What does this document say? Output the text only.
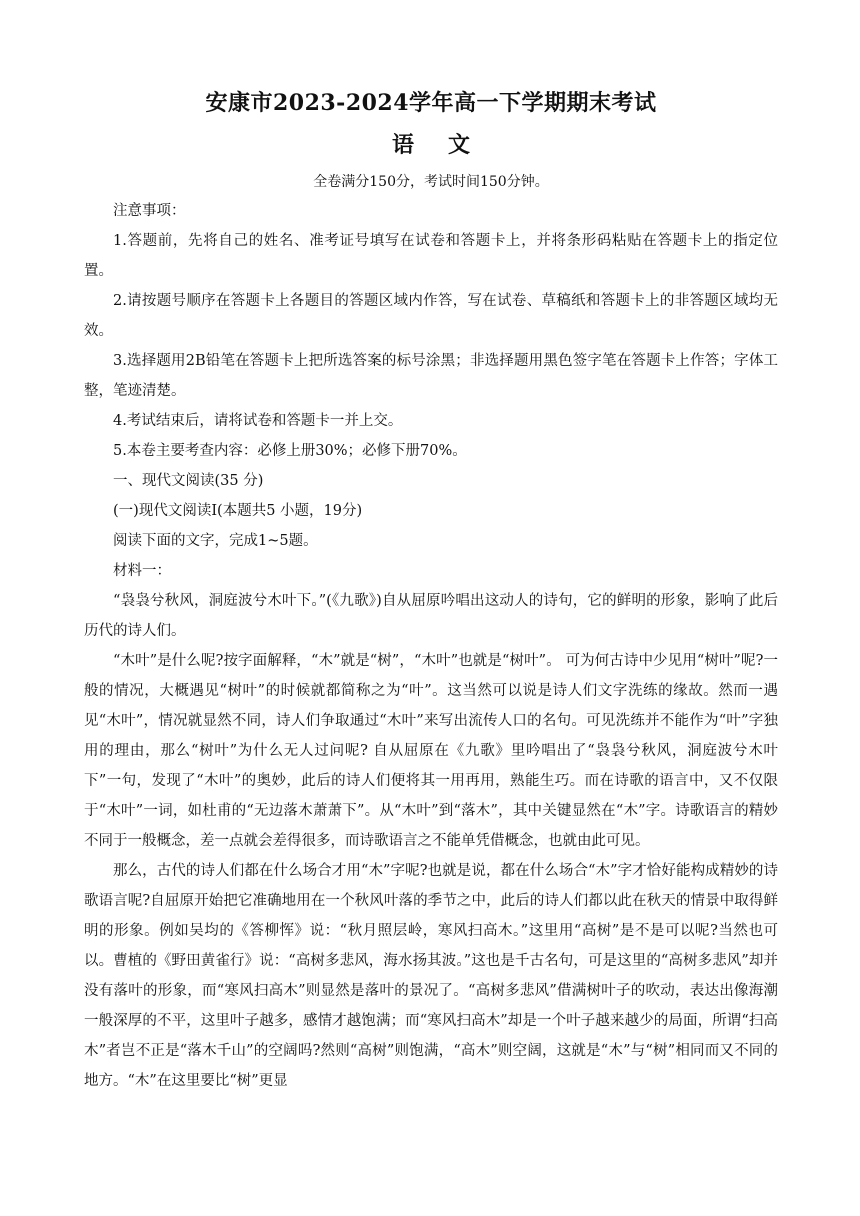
安康市2023-2024学年高一下学期期末考试
语文
全卷满分150分，考试时间150分钟。

注意事项：

1.答题前，先将自己的姓名、准考证号填写在试卷和答题卡上，并将条形码粘贴在答题卡上的指定位置。

2.请按题号顺序在答题卡上各题目的答题区域内作答，写在试卷、草稿纸和答题卡上的非答题区域均无效。

3.选择题用2B铅笔在答题卡上把所选答案的标号涂黑；非选择题用黑色签字笔在答题卡上作答；字体工整，笔迹清楚。

4.考试结束后，请将试卷和答题卡一并上交。

5.本卷主要考查内容：必修上册30%；必修下册70%。

一、现代文阅读(35 分)

(一)现代文阅读Ⅰ(本题共5 小题，19分)

阅读下面的文字，完成1~5题。

材料一：

“袅袅兮秋风，洞庭波兮木叶下。”(《九歌》)自从屈原吟唱出这动人的诗句，它的鲜明的形象，影响了此后历代的诗人们。

“木叶”是什么呢?按字面解释，“木”就是“树”，“木叶”也就是“树叶”。 可为何古诗中少见用“树叶”呢?一般的情况，大概遇见“树叶”的时候就都简称之为“叶”。这当然可以说是诗人们文字洗练的缘故。然而一遇见“木叶”，情况就显然不同，诗人们争取通过“木叶”来写出流传人口的名句。可见洗练并不能作为“叶”字独用的理由，那么“树叶”为什么无人过问呢? 自从屈原在《九歌》里吟唱出了“袅袅兮秋风，洞庭波兮木叶下”一句，发现了“木叶”的奥妙，此后的诗人们便将其一用再用，熟能生巧。而在诗歌的语言中，又不仅限于“木叶”一词，如杜甫的“无边落木萧萧下”。从“木叶”到“落木”，其中关键显然在“木”字。诗歌语言的精妙不同于一般概念，差一点就会差得很多，而诗歌语言之不能单凭借概念，也就由此可见。

那么，古代的诗人们都在什么场合才用“木”字呢?也就是说，都在什么场合“木”字才恰好能构成精妙的诗歌语言呢?自屈原开始把它准确地用在一个秋风叶落的季节之中，此后的诗人们都以此在秋天的情景中取得鲜明的形象。例如吴均的《答柳恽》说：“秋月照层岭，寒风扫高木。”这里用“高树”是不是可以呢?当然也可以。曹植的《野田黄雀行》说：“高树多悲风，海水扬其波。”这也是千古名句，可是这里的“高树多悲风”却并没有落叶的形象，而“寒风扫高木”则显然是落叶的景况了。“高树多悲风”借满树叶子的吹动，表达出像海潮一般深厚的不平，这里叶子越多，感情才越饱满；而“寒风扫高木”却是一个叶子越来越少的局面，所谓“扫高木”者岂不正是“落木千山”的空阔吗?然则“高树”则饱满，“高木”则空阔，这就是“木”与“树”相同而又不同的地方。“木”在这里要比“树”更显
